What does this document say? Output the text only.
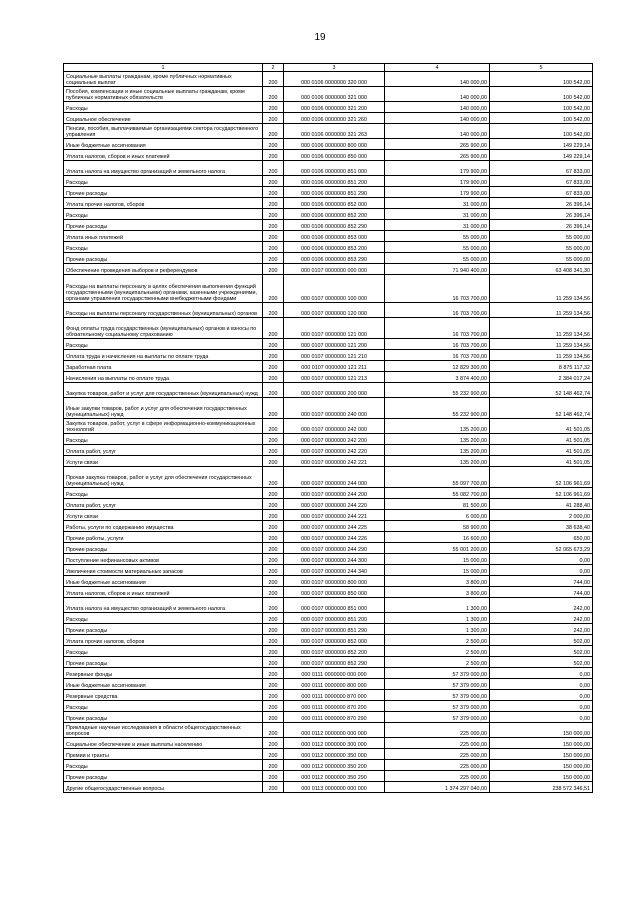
19
1	2	3	4	5
Социальные выплаты гражданам, кроме публичных нормативных социальных выплат	200	000 0106 0000000 320 000	140 000,00	100 542,00
Пособия, компенсации и иные социальные выплаты гражданам, кроме публичных нормативных обязательств	200	000 0106 0000000 321 000	140 000,00	100 542,00
Расходы	200	000 0106 0000000 321 200	140 000,00	100 542,00
Социальное обеспечение	200	000 0106 0000000 321 260	140 000,00	100 542,00
Пенсии, пособия, выплачиваемые организациями сектора государственного управления	200	000 0106 0000000 321 263	140 000,00	100 542,00
Иные бюджетные ассигнования	200	000 0106 0000000 800 000	265 900,00	149 229,14
Уплата налогов, сборов и иных платежей	200	000 0106 0000000 850 000	265 900,00	149 229,14
Уплата налога на имущество организаций и земельного налога	200	000 0106 0000000 851 000	179 900,00	67 833,00
Расходы	200	000 0106 0000000 851 200	179 900,00	67 833,00
Прочие расходы	200	000 0106 0000000 851 290	179 900,00	67 833,00
Уплата прочих налогов, сборов	200	000 0106 0000000 852 000	31 000,00	26 396,14
Расходы	200	000 0106 0000000 852 200	31 000,00	26 396,14
Прочие расходы	200	000 0106 0000000 852 290	31 000,00	26 396,14
Уплата иных платежей	200	000 0106 0000000 853 000	55 000,00	55 000,00
Расходы	200	000 0106 0000000 853 200	55 000,00	55 000,00
Прочие расходы	200	000 0106 0000000 853 290	55 000,00	55 000,00
Обеспечение проведения выборов и референдумов	200	000 0107 0000000 000 000	71 940 400,00	63 408 341,30
Расходы на выплаты персоналу в целях обеспечения выполнения функций государственными (муниципальными) органами, казенными учреждениями, органами управления государственными внебюджетными фондами	200	000 0107 0000000 100 000	16 703 700,00	11 259 134,56
Расходы на выплаты персоналу государственных (муниципальных) органов	200	000 0107 0000000 120 000	16 703 700,00	11 259 134,56
Фонд оплаты труда государственных (муниципальных) органов и взносы по обязательному социальному страхованию	200	000 0107 0000000 121 000	16 703 700,00	11 259 134,56
Расходы	200	000 0107 0000000 121 200	16 703 700,00	11 259 134,56
Оплата труда и начисления на выплаты по оплате труда	200	000 0107 0000000 121 210	16 703 700,00	11 259 134,56
Заработная плата	200	000 0107 0000000 121 211	12 829 300,00	8 875 117,32
Начисления на выплаты по оплате труда	200	000 0107 0000000 121 213	3 874 400,00	2 384 017,24
Закупка товаров, работ и услуг для государственных (муниципальных) нужд	200	000 0107 0000000 200 000	55 232 900,00	52 148 462,74
Иные закупки товаров, работ и услуг для обеспечения государственных (муниципальных) нужд	200	000 0107 0000000 240 000	55 232 900,00	52 148 462,74
Закупка товаров, работ, услуг в сфере информационно-коммуникационных технологий	200	000 0107 0000000 242 000	135 200,00	41 501,05
Расходы	200	000 0107 0000000 242 200	135 200,00	41 501,05
Оплата работ, услуг	200	000 0107 0000000 242 220	135 200,00	41 501,05
Услуги связи	200	000 0107 0000000 242 221	135 200,00	41 501,05
Прочая закупка товаров, работ и услуг для обеспечения государственных (муниципальных) нужд	200	000 0107 0000000 244 000	55 097 700,00	52 106 961,69
Расходы	200	000 0107 0000000 244 200	55 082 700,00	52 106 961,69
Оплата работ, услуг	200	000 0107 0000000 244 220	81 500,00	41 288,40
Услуги связи	200	000 0107 0000000 244 221	6 000,00	2 000,00
Работы, услуги по содержанию имущества	200	000 0107 0000000 244 225	58 900,00	38 638,40
Прочие работы, услуги	200	000 0107 0000000 244 226	16 600,00	650,00
Прочие расходы	200	000 0107 0000000 244 290	55 001 200,00	52 065 673,29
Поступление нефинансовых активов	200	000 0107 0000000 244 300	15 000,00	0,00
Увеличение стоимости материальных запасов	200	000 0107 0000000 244 340	15 000,00	0,00
Иные бюджетные ассигнования	200	000 0107 0000000 800 000	3 800,00	744,00
Уплата налогов, сборов и иных платежей	200	000 0107 0000000 850 000	3 800,00	744,00
Уплата налога на имущество организаций и земельного налога	200	000 0107 0000000 851 000	1 300,00	242,00
Расходы	200	000 0107 0000000 851 200	1 300,00	242,00
Прочие расходы	200	000 0107 0000000 851 290	1 300,00	242,00
Уплата прочих налогов, сборов	200	000 0107 0000000 852 000	2 500,00	502,00
Расходы	200	000 0107 0000000 852 200	2 500,00	502,00
Прочие расходы	200	000 0107 0000000 852 290	2 500,00	502,00
Резервные фонды	200	000 0111 0000000 000 000	57 379 000,00	0,00
Иные бюджетные ассигнования	200	000 0111 0000000 800 000	57 379 000,00	0,00
Резервные средства	200	000 0111 0000000 870 000	57 379 000,00	0,00
Расходы	200	000 0111 0000000 870 200	57 379 000,00	0,00
Прочие расходы	200	000 0111 0000000 870 290	57 379 000,00	0,00
Прикладные научные исследования в области общегосударственных вопросов	200	000 0112 0000000 000 000	225 000,00	150 000,00
Социальное обеспечение и иные выплаты населению	200	000 0112 0000000 300 000	225 000,00	150 000,00
Премии и гранты	200	000 0112 0000000 350 000	225 000,00	150 000,00
Расходы	200	000 0112 0000000 350 200	225 000,00	150 000,00
Прочие расходы	200	000 0112 0000000 350 290	225 000,00	150 000,00
Другие общегосударственные вопросы	200	000 0113 0000000 000 000	1 374 297 040,00	238 572 346,51
